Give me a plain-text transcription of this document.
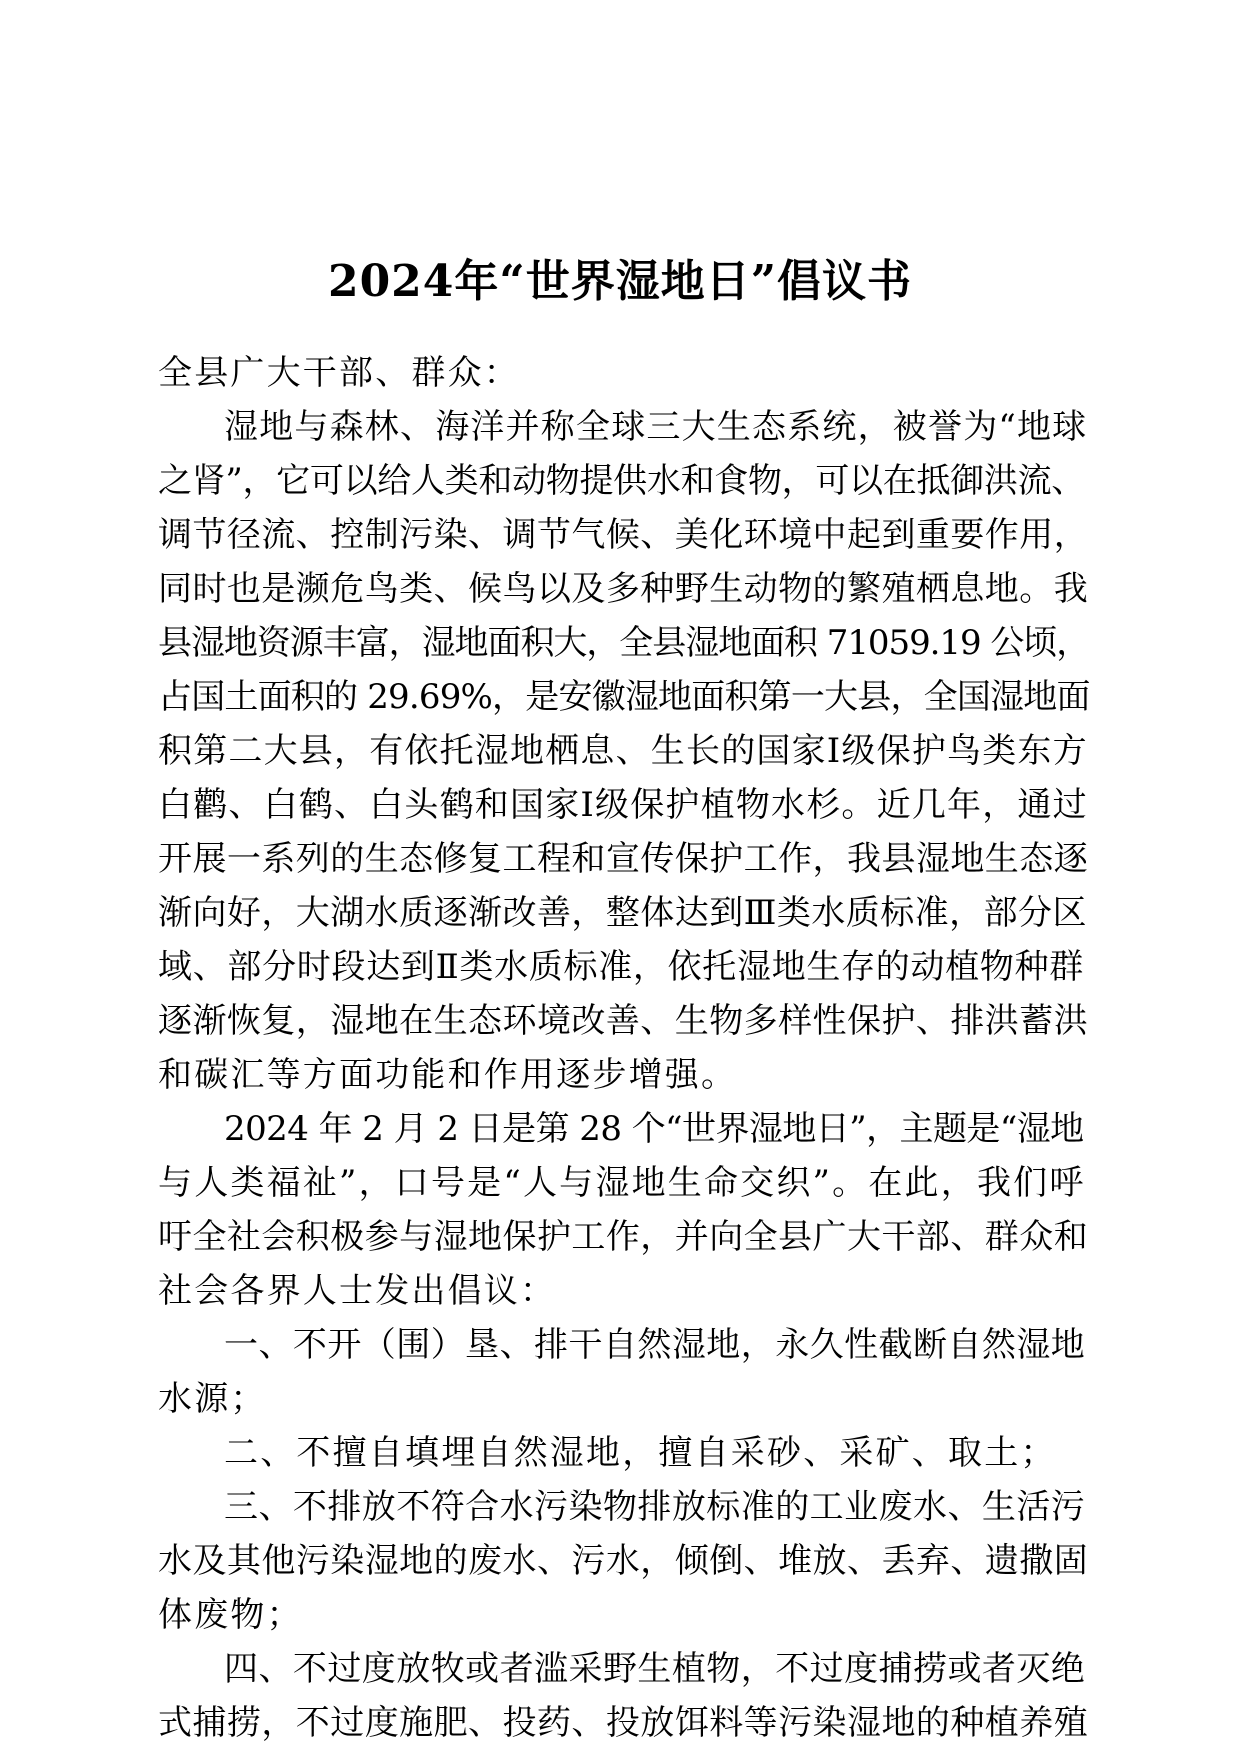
2024年“世界湿地日”倡议书
全县广大干部、群众：
湿地与森林、海洋并称全球三大生态系统，被誉为“地球
之肾”，它可以给人类和动物提供水和食物，可以在抵御洪流、
调节径流、控制污染、调节气候、美化环境中起到重要作用，
同时也是濒危鸟类、候鸟以及多种野生动物的繁殖栖息地。我
县湿地资源丰富，湿地面积大，全县湿地面积 71059.19 公顷，
占国土面积的 29.69%，是安徽湿地面积第一大县，全国湿地面
积第二大县，有依托湿地栖息、生长的国家Ⅰ级保护鸟类东方
白鹳、白鹤、白头鹤和国家Ⅰ级保护植物水杉。近几年，通过
开展一系列的生态修复工程和宣传保护工作，我县湿地生态逐
渐向好，大湖水质逐渐改善，整体达到Ⅲ类水质标准，部分区
域、部分时段达到Ⅱ类水质标准，依托湿地生存的动植物种群
逐渐恢复，湿地在生态环境改善、生物多样性保护、排洪蓄洪
和碳汇等方面功能和作用逐步增强。
2024 年 2 月 2 日是第 28 个“世界湿地日”，主题是“湿地
与人类福祉”，口号是“人与湿地生命交织”。在此，我们呼
吁全社会积极参与湿地保护工作，并向全县广大干部、群众和
社会各界人士发出倡议：
一、不开（围）垦、排干自然湿地，永久性截断自然湿地
水源；
二、不擅自填埋自然湿地，擅自采砂、采矿、取土；
三、不排放不符合水污染物排放标准的工业废水、生活污
水及其他污染湿地的废水、污水，倾倒、堆放、丢弃、遗撒固
体废物；
四、不过度放牧或者滥采野生植物，不过度捕捞或者灭绝
式捕捞，不过度施肥、投药、投放饵料等污染湿地的种植养殖
